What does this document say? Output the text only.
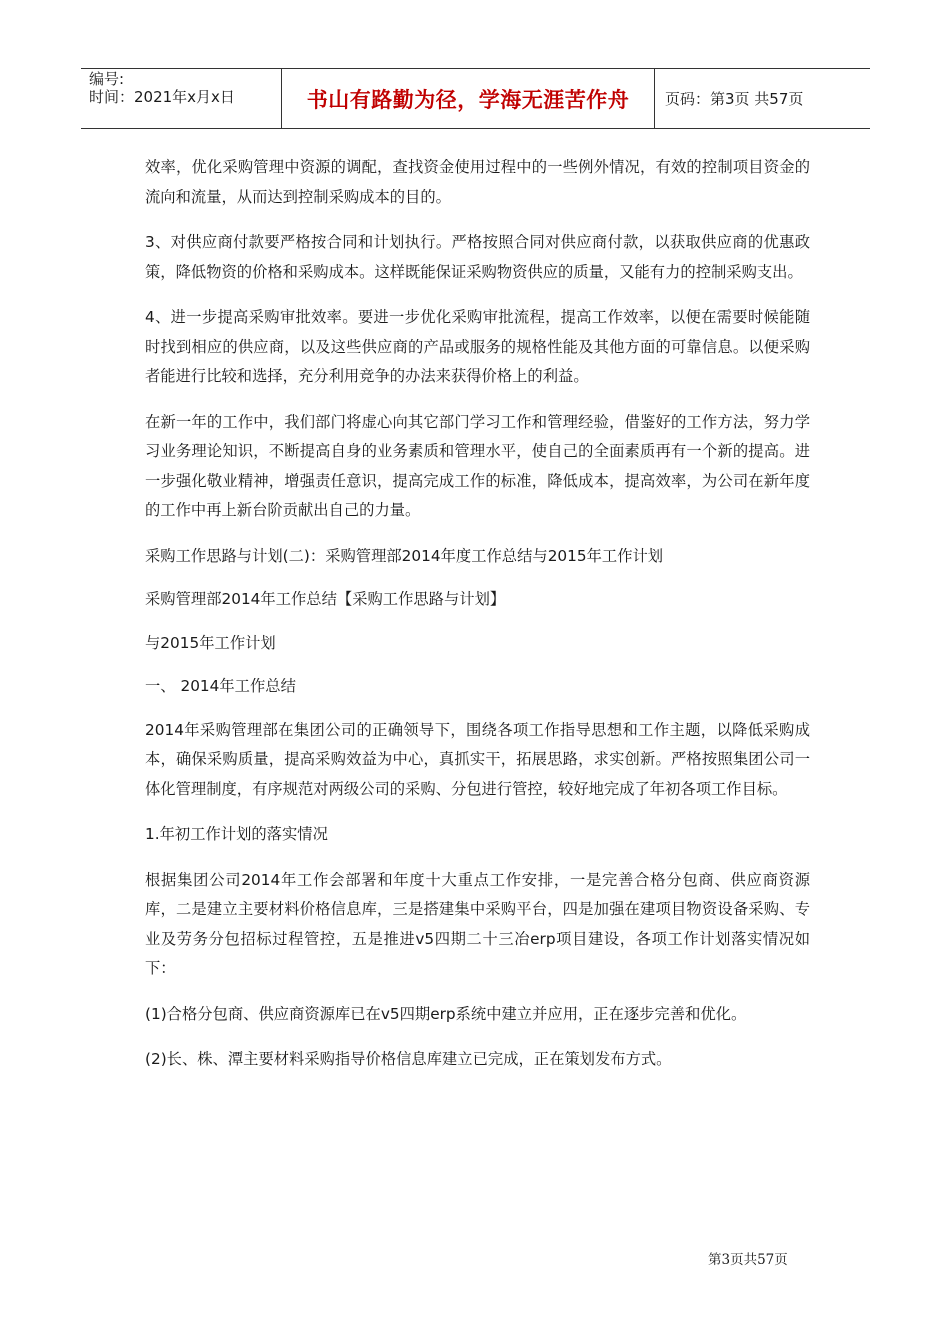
编号:
时间：2021年x月x日	书山有路勤为径，学海无涯苦作舟 页码：第3页 共57页

效率，优化采购管理中资源的调配，查找资金使用过程中的一些例外情况，有效的控制项目资金的流向和流量，从而达到控制采购成本的目的。

3、对供应商付款要严格按合同和计划执行。严格按照合同对供应商付款，以获取供应商的优惠政策，降低物资的价格和采购成本。这样既能保证采购物资供应的质量，又能有力的控制采购支出。

4、进一步提高采购审批效率。要进一步优化采购审批流程，提高工作效率，以便在需要时候能随时找到相应的供应商，以及这些供应商的产品或服务的规格性能及其他方面的可靠信息。以便采购者能进行比较和选择，充分利用竞争的办法来获得价格上的利益。

在新一年的工作中，我们部门将虚心向其它部门学习工作和管理经验，借鉴好的工作方法，努力学习业务理论知识，不断提高自身的业务素质和管理水平，使自己的全面素质再有一个新的提高。进一步强化敬业精神，增强责任意识，提高完成工作的标准，降低成本，提高效率，为公司在新年度的工作中再上新台阶贡献出自己的力量。

采购工作思路与计划(二)：采购管理部2014年度工作总结与2015年工作计划

采购管理部2014年工作总结【采购工作思路与计划】

与2015年工作计划

一、 2014年工作总结

2014年采购管理部在集团公司的正确领导下，围绕各项工作指导思想和工作主题，以降低采购成本，确保采购质量，提高采购效益为中心，真抓实干，拓展思路，求实创新。严格按照集团公司一体化管理制度，有序规范对两级公司的采购、分包进行管控，较好地完成了年初各项工作目标。

1.年初工作计划的落实情况

根据集团公司2014年工作会部署和年度十大重点工作安排，一是完善合格分包商、供应商资源库，二是建立主要材料价格信息库，三是搭建集中采购平台，四是加强在建项目物资设备采购、专业及劳务分包招标过程管控，五是推进v5四期二十三冶erp项目建设，各项工作计划落实情况如下：

(1)合格分包商、供应商资源库已在v5四期erp系统中建立并应用，正在逐步完善和优化。

(2)长、株、潭主要材料采购指导价格信息库建立已完成，正在策划发布方式。

第3页共57页
